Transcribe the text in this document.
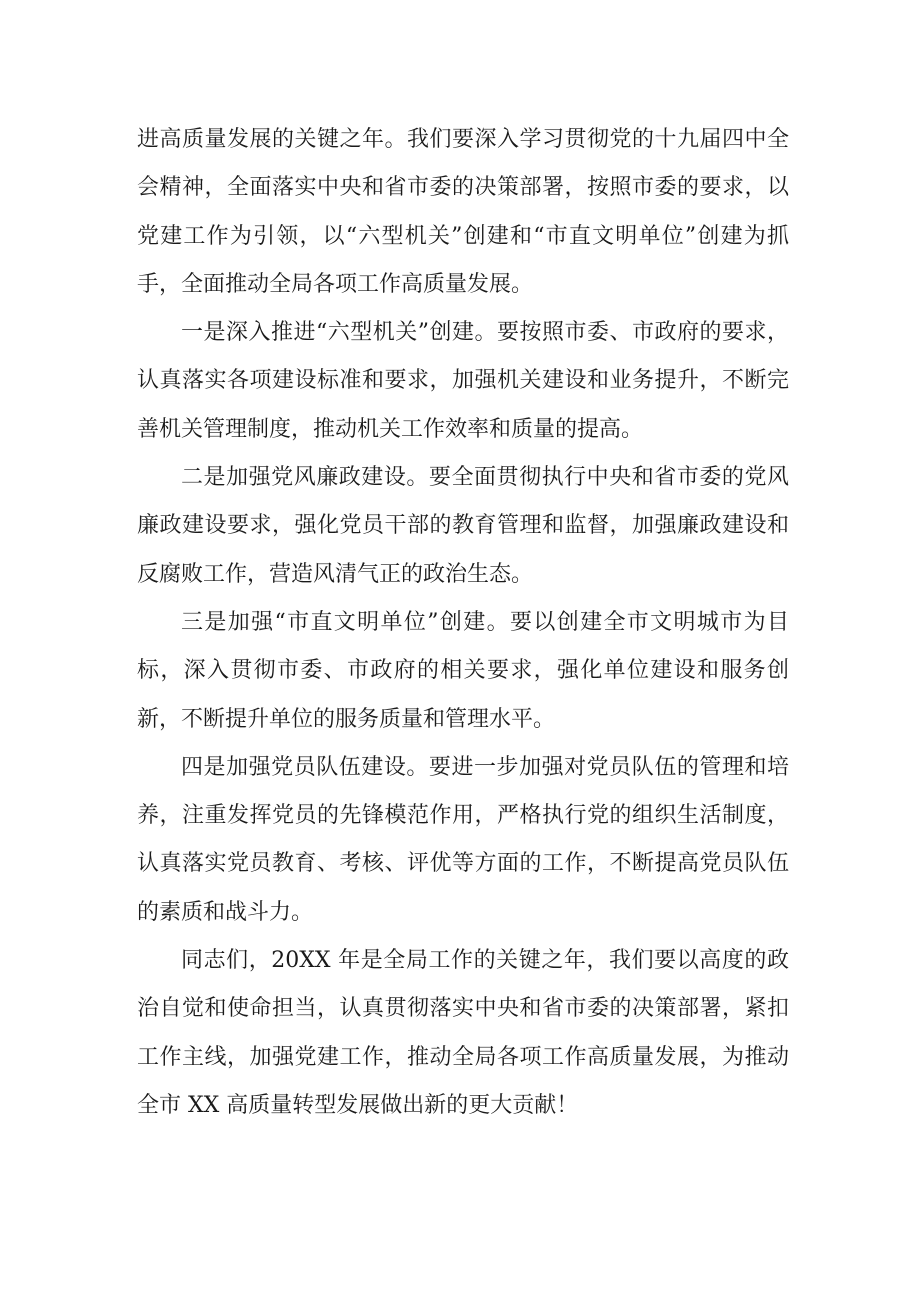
进高质量发展的关键之年。我们要深入学习贯彻党的十九届四中全会精神，全面落实中央和省市委的决策部署，按照市委的要求，以党建工作为引领，以“六型机关”创建和“市直文明单位”创建为抓手，全面推动全局各项工作高质量发展。

一是深入推进“六型机关”创建。要按照市委、市政府的要求，认真落实各项建设标准和要求，加强机关建设和业务提升，不断完善机关管理制度，推动机关工作效率和质量的提高。

二是加强党风廉政建设。要全面贯彻执行中央和省市委的党风廉政建设要求，强化党员干部的教育管理和监督，加强廉政建设和反腐败工作，营造风清气正的政治生态。

三是加强“市直文明单位”创建。要以创建全市文明城市为目标，深入贯彻市委、市政府的相关要求，强化单位建设和服务创新，不断提升单位的服务质量和管理水平。

四是加强党员队伍建设。要进一步加强对党员队伍的管理和培养，注重发挥党员的先锋模范作用，严格执行党的组织生活制度，认真落实党员教育、考核、评优等方面的工作，不断提高党员队伍的素质和战斗力。

同志们，20XX 年是全局工作的关键之年，我们要以高度的政治自觉和使命担当，认真贯彻落实中央和省市委的决策部署，紧扣工作主线，加强党建工作，推动全局各项工作高质量发展，为推动全市 XX 高质量转型发展做出新的更大贡献！
